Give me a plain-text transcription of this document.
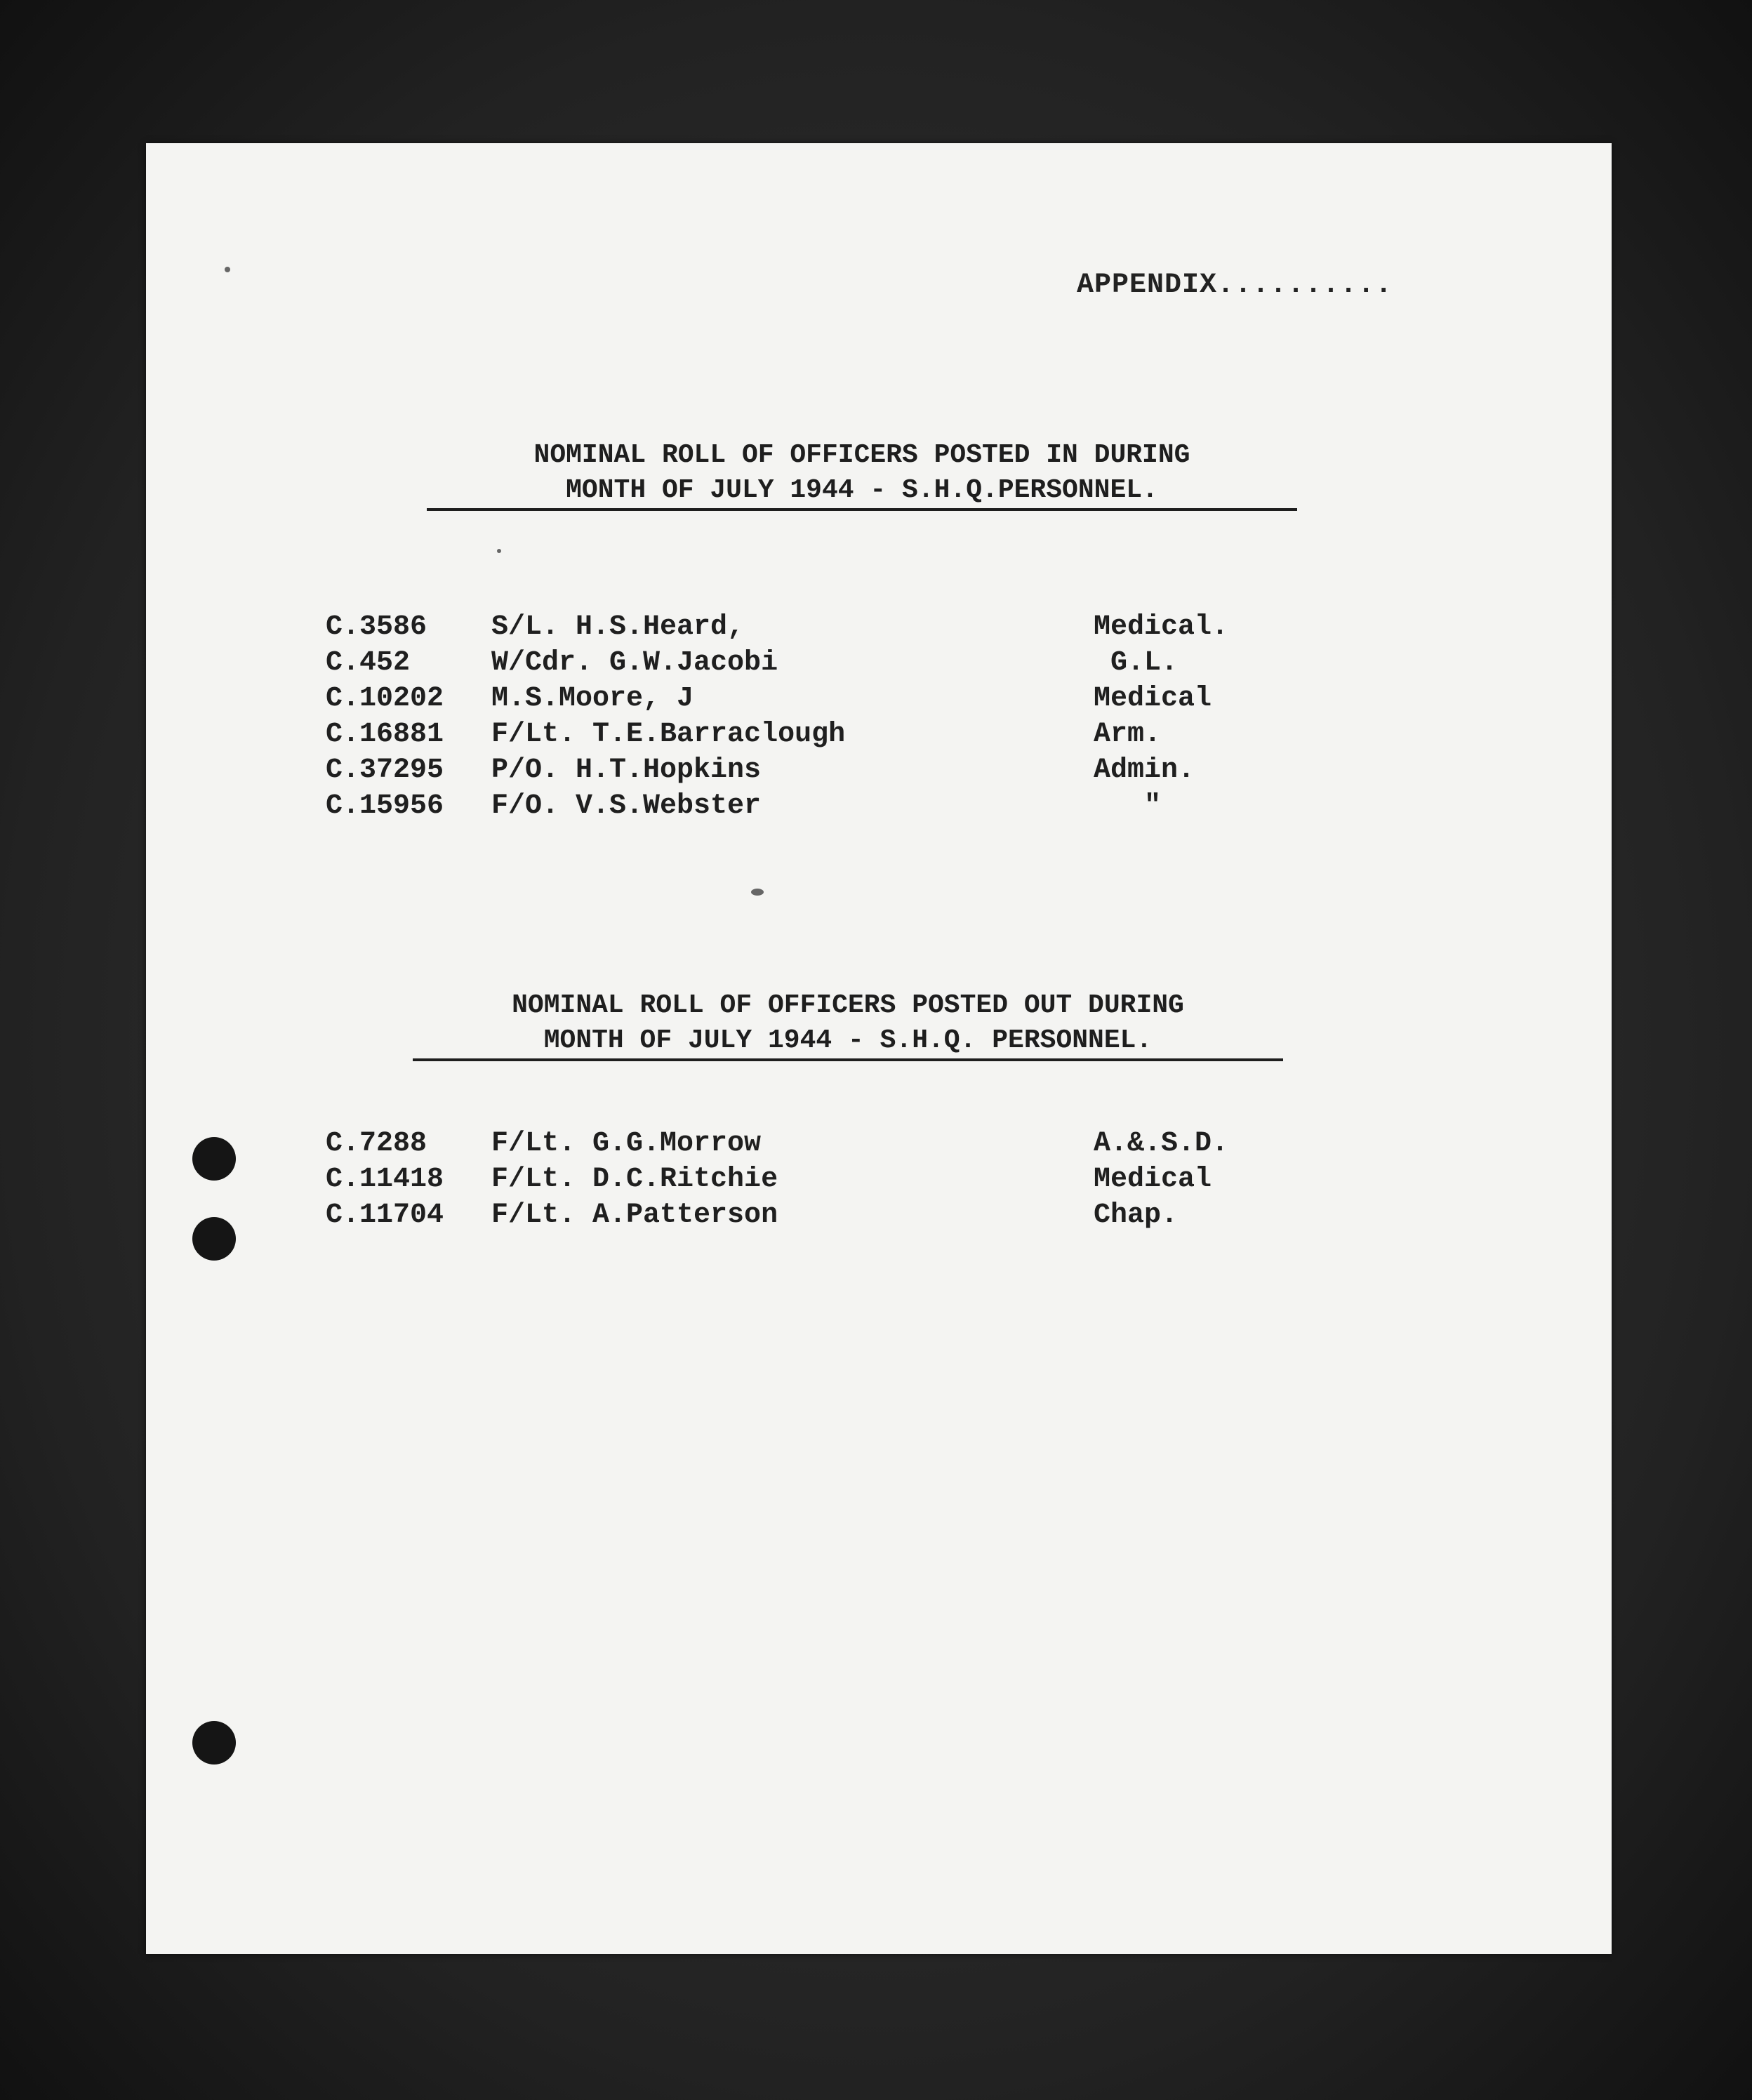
APPENDIX..........
NOMINAL ROLL OF OFFICERS POSTED IN DURING
MONTH OF JULY 1944 - S.H.Q.PERSONNEL.
C.3586 S/L. H.S.Heard,	Medical.
C.452	W/Cdr. G.W.Jacobi	G.L.
C.10202 M.S.Moore, J	Medical
C.16881 F/Lt. T.E.Barraclough	Arm.
C.37295 P/O. H.T.Hopkins	Admin.
C.15956 F/O. V.S.Webster	"
NOMINAL ROLL OF OFFICERS POSTED OUT DURING
MONTH OF JULY 1944 - S.H.Q. PERSONNEL.
C.7288 F/Lt. G.G.Morrow	A.&.S.D.
C.11418 F/Lt. D.C.Ritchie	Medical
C.11704 F/Lt. A.Patterson	Chap.
